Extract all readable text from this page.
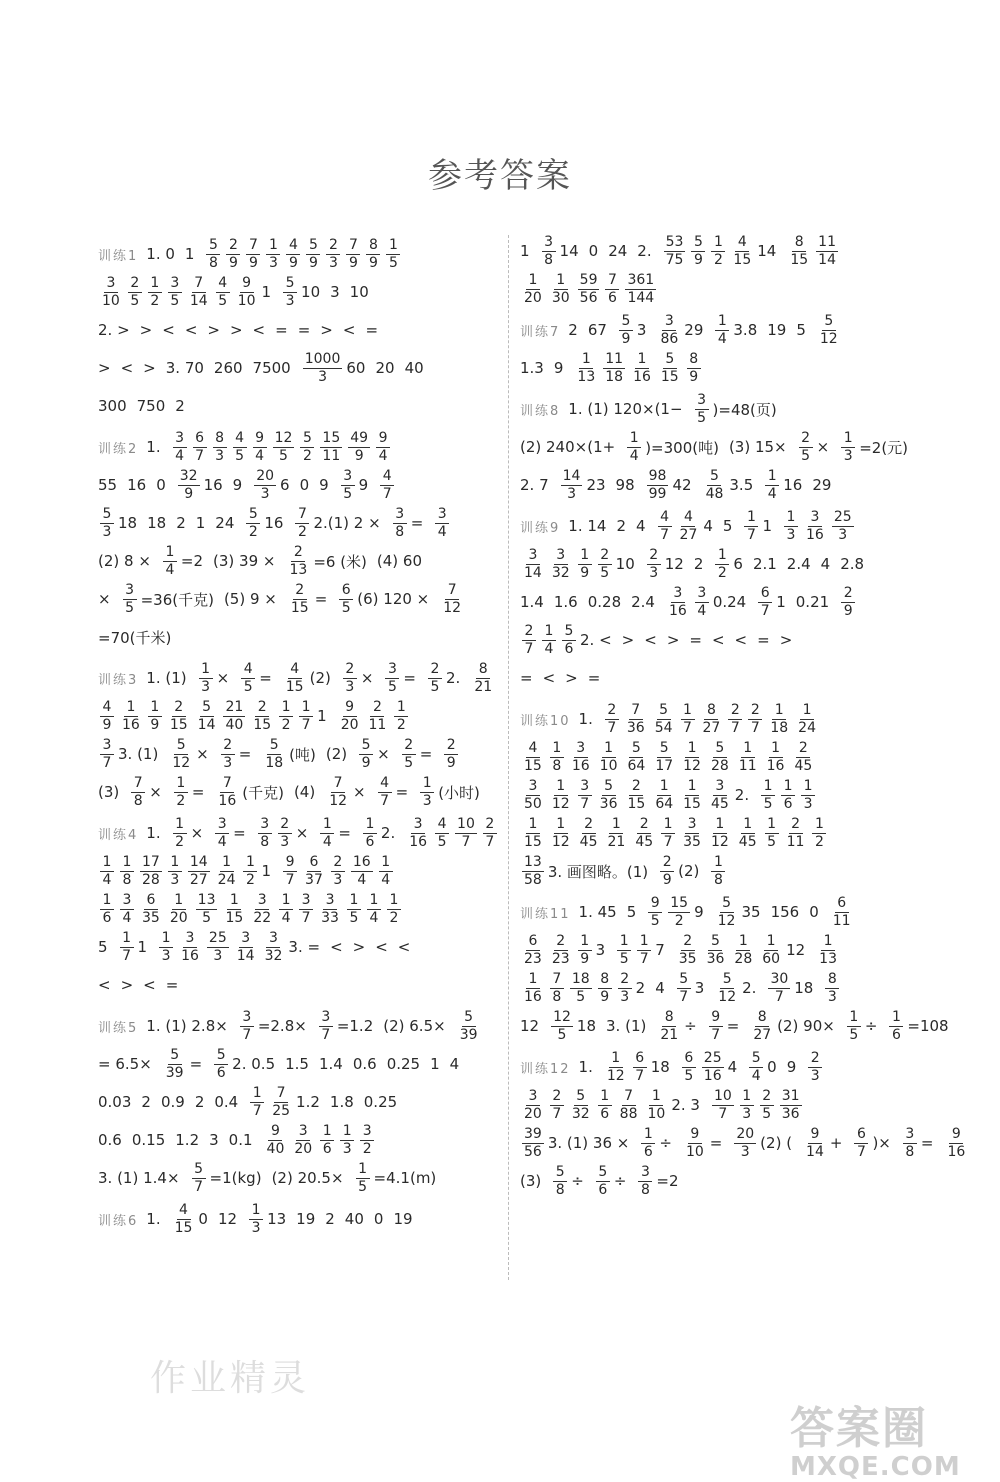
参考答案
训练1 1. 0 $1 \frac{5}{8} \frac{2}{9} \frac{7}{9} \frac{1}{3} \frac{4}{9} \frac{5}{9} \frac{2}{3} \frac{7}{9} \frac{8}{9} \frac{1}{5}$
$\frac{3}{10} \frac{2}{5} \frac{1}{2} \frac{3}{5} \frac{7}{14} \frac{4}{5} \frac{9}{10} 1 \frac{5}{3} 10$ 3 10
2. > > < < > > < = = > < =
> < > 3. 70 260 $7500 \frac{1000}{3} 60$ 20 40
300 750 2
训练2 1. $\frac{3}{4} \frac{6}{7} \frac{8}{3} \frac{4}{5} \frac{9}{4} \frac{12}{5} \frac{5}{2} \frac{15}{11} \frac{49}{9} \frac{9}{4}$
55 16 $0 \frac{32}{9} 16$ $9 \frac{20}{3} 6$ 0 $9 \frac{3}{5} 9 \frac{4}{7}$
$\frac{5}{3} 18$ 18 2 1 $24 \frac{5}{2} 16 \frac{7}{2} 2.(1) 2 \times \frac{3}{8} = \frac{3}{4}$
(2) $8 \times \frac{1}{4} =2$ (3) $39 \times \frac{2}{13} =6$ (米) (4) 60
× $\frac{3}{5} =36$(千克) (5) $9 \times \frac{2}{15} = \frac{6}{5} (6) 120 \times \frac{7}{12}$
=70(千米)
训练3 1. $(1) \frac{1}{3} \times \frac{4}{5} = \frac{4}{15} (2) \frac{2}{3} \times \frac{3}{5} = \frac{2}{5} 2$. $\frac{8}{21}$
$\frac{4}{9} \frac{1}{16} \frac{1}{9} \frac{2}{15} \frac{5}{14} \frac{21}{40} \frac{2}{15} \frac{1}{2} \frac{1}{7} 1 \frac{9}{20} \frac{2}{11} \frac{1}{2}$
$\frac{3}{7} 3$. $(1) \frac{5}{12} \times \frac{2}{3} = \frac{5}{18}$ (吨) $(2) \frac{5}{9} \times \frac{2}{5} = \frac{2}{9}$
$(3) \frac{7}{8} \times \frac{1}{2} = \frac{7}{16}$ (千克) $(4) \frac{7}{12} \times \frac{4}{7} = \frac{1}{3}$ (小时)
训练4 1. $\frac{1}{2} \times \frac{3}{4} = \frac{3}{8} \frac{2}{3} \times \frac{1}{4} = \frac{1}{6} 2$. $\frac{3}{16} \frac{4}{5} \frac{10}{7} \frac{2}{7}$
$\frac{1}{4} \frac{1}{8} \frac{17}{28} \frac{1}{3} \frac{14}{27} \frac{1}{24} \frac{1}{2} 1 \frac{9}{7} \frac{6}{37} \frac{2}{3} \frac{16}{4} \frac{1}{4}$
$\frac{1}{6} \frac{3}{4} \frac{6}{35} \frac{1}{20} \frac{13}{5} \frac{1}{15} \frac{3}{22} \frac{1}{4} \frac{3}{7} \frac{3}{33} \frac{1}{5} \frac{1}{4} \frac{1}{2}$
$5 \frac{1}{7} 1 \frac{1}{3} \frac{3}{16} \frac{25}{3} \frac{3}{14} \frac{3}{32} 3$. = < > < <
< > < =
训练5 1. (1) $2.8\times \frac{3}{7} =2.8\times \frac{3}{7} =1.2$ (2) $6.5\times \frac{5}{39}$
= $6.5\times \frac{5}{39} = \frac{5}{6} 2$. 0.5 1.5 1.4 0.6 0.25 1 4
0.03 2 0.9 2 $0.4 \frac{1}{7} \frac{7}{25} 1.2$ 1.8 0.25
0.6 0.15 1.2 3 $0.1 \frac{9}{40} \frac{3}{20} \frac{1}{6} \frac{1}{3} \frac{3}{2}$
3. (1) $1.4\times \frac{5}{7} =1(kg)$ (2) $20.5\times \frac{1}{5} =4.1(m)$
训练6 1. $\frac{4}{15} 0$ $12 \frac{1}{3} 13$ 19 2 40 0 19
$1 \frac{3}{8} 14$ 0 24 2. $\frac{53}{75} \frac{5}{9} \frac{1}{2} \frac{4}{15} 14 \frac{8}{15} \frac{11}{14}$
$\frac{1}{20} \frac{1}{30} \frac{59}{56} \frac{7}{6} \frac{361}{144}$
训练7 2 $67 \frac{5}{9} 3 \frac{3}{86} 29 \frac{1}{4} 3.8$ 19 $5 \frac{5}{12}$
1.3 $9 \frac{1}{13} \frac{11}{18} \frac{1}{16} \frac{5}{15} \frac{8}{9}$
训练8 1. (1) $120\times(1- \frac{3}{5} )=48$(页)
(2) $240\times(1+ \frac{1}{4} )=300$(吨) (3) $15\times \frac{2}{5} \times \frac{1}{3} =2$(元)
2. $7 \frac{14}{3} 23$ $98 \frac{98}{99} 42 \frac{5}{48} 3.5 \frac{1}{4} 16$ 29
训练9 1. 14 2 $4 \frac{4}{7} \frac{4}{27} 4$ $5 \frac{1}{7} 1 \frac{1}{3} \frac{3}{16} \frac{25}{3}$
$\frac{3}{14} \frac{3}{32} \frac{1}{9} \frac{2}{5} 10 \frac{2}{3} 12$ $2 \frac{1}{2} 6$ 2.1 2.4 4 2.8
1.4 1.6 0.28 $2.4 \frac{3}{16} \frac{3}{4} 0.24 \frac{6}{7} 1$ $0.21 \frac{2}{9}$
$\frac{2}{7} \frac{1}{4} \frac{5}{6} 2$. < > < > = < < = >
= < > =
训练10 1. $\frac{2}{7} \frac{7}{36} \frac{5}{54} \frac{1}{7} \frac{8}{27} \frac{2}{7} \frac{2}{7} \frac{1}{18} \frac{1}{24}$
$\frac{4}{15} \frac{1}{8} \frac{3}{16} \frac{1}{10} \frac{5}{64} \frac{5}{17} \frac{1}{12} \frac{5}{28} \frac{1}{11} \frac{1}{16} \frac{2}{45}$
$\frac{3}{50} \frac{1}{12} \frac{3}{7} \frac{5}{36} \frac{2}{15} \frac{1}{64} \frac{1}{15} \frac{3}{45} 2$. $\frac{1}{5} \frac{1}{6} \frac{1}{3}$
$\frac{1}{15} \frac{1}{12} \frac{2}{45} \frac{1}{21} \frac{2}{45} \frac{1}{7} \frac{3}{35} \frac{1}{12} \frac{1}{45} \frac{1}{5} \frac{2}{11} \frac{1}{2}$
$\frac{13}{58} 3$. 画图略。$(1) \frac{2}{9} (2) \frac{1}{8}$
训练11 1. 45 $5 \frac{9}{5} \frac{15}{2} 9 \frac{5}{12} 35$ 156 $0 \frac{6}{11}$
$\frac{6}{23} \frac{2}{23} \frac{1}{9} 3 \frac{1}{5} \frac{1}{7} 7 \frac{2}{35} \frac{5}{36} \frac{1}{28} \frac{1}{60} 12 \frac{1}{13}$
$\frac{1}{16} \frac{7}{8} \frac{18}{5} \frac{8}{9} \frac{2}{3} 2$ $4 \frac{5}{7} 3 \frac{5}{12} 2$. $\frac{30}{7} 18 \frac{8}{3}$
$12 \frac{12}{5} 18$ 3. $(1) \frac{8}{21} \div \frac{9}{7} = \frac{8}{27} (2)$ $90\times \frac{1}{5} \div \frac{1}{6} =108$
训练12 1. $\frac{1}{12} \frac{6}{7} 18 \frac{6}{5} \frac{25}{16} 4 \frac{5}{4} 0$ $9 \frac{2}{3}$
$\frac{3}{20} \frac{2}{7} \frac{5}{32} \frac{1}{6} \frac{7}{88} \frac{1}{10} 2$. $3 \frac{10}{7} \frac{1}{3} \frac{2}{5} \frac{31}{36}$
$\frac{39}{56} 3$. (1) $36 \times \frac{1}{6} \div \frac{9}{10} = \frac{20}{3} (2)$ ( $\frac{9}{14} + \frac{6}{7}$ )× $\frac{3}{8} = \frac{9}{16}$
$(3) \frac{5}{8} \div \frac{5}{6} \div \frac{3}{8} =2$
作业精灵
答案圈
MXQE.COM
